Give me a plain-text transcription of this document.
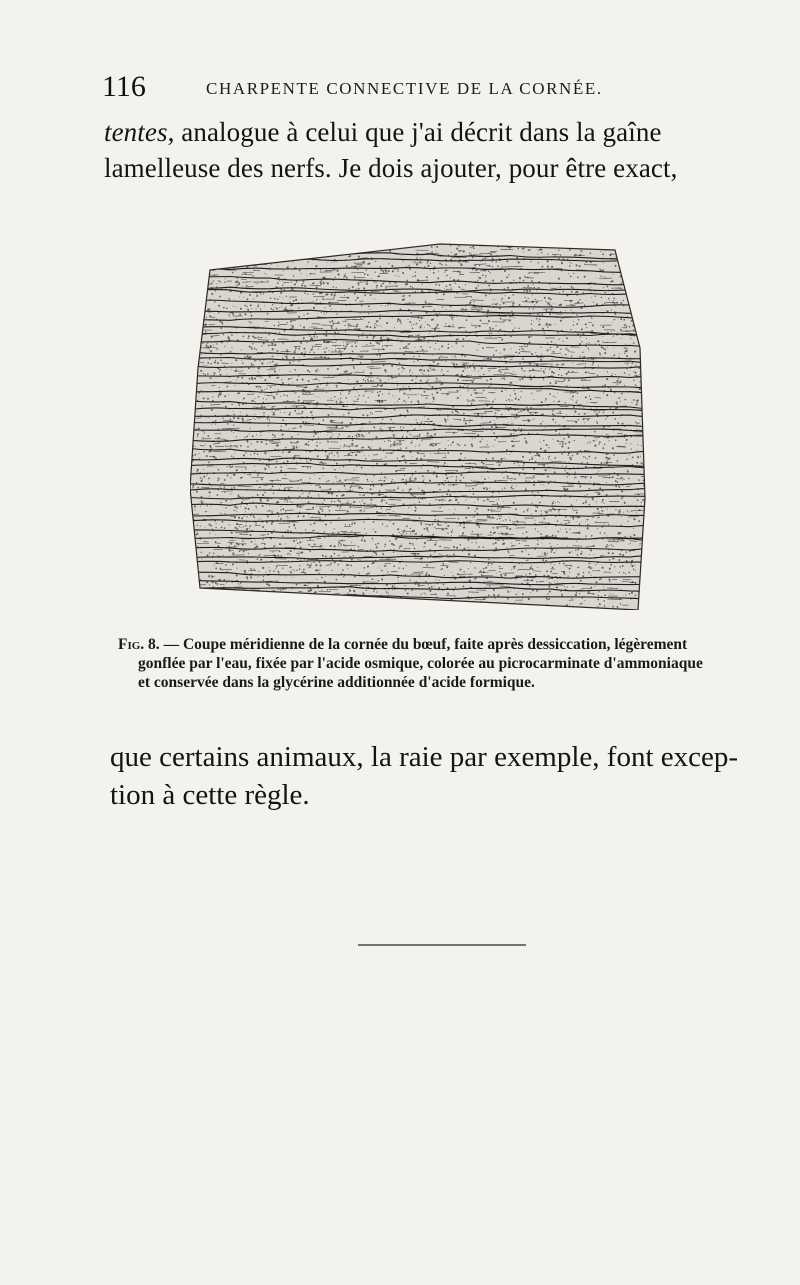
116	CHARPENTE CONNECTIVE DE LA CORNÉE.
tentes, analogue à celui que j'ai décrit dans la gaîne
lamelleuse des nerfs. Je dois ajouter, pour être exact,
Fig. 8. — Coupe méridienne de la cornée du bœuf, faite après dessiccation, légèrement
gonflée par l'eau, fixée par l'acide osmique, colorée au picrocarminate d'ammoniaque
et conservée dans la glycérine additionnée d'acide formique.
que certains animaux, la raie par exemple, font excep-
tion à cette règle.
